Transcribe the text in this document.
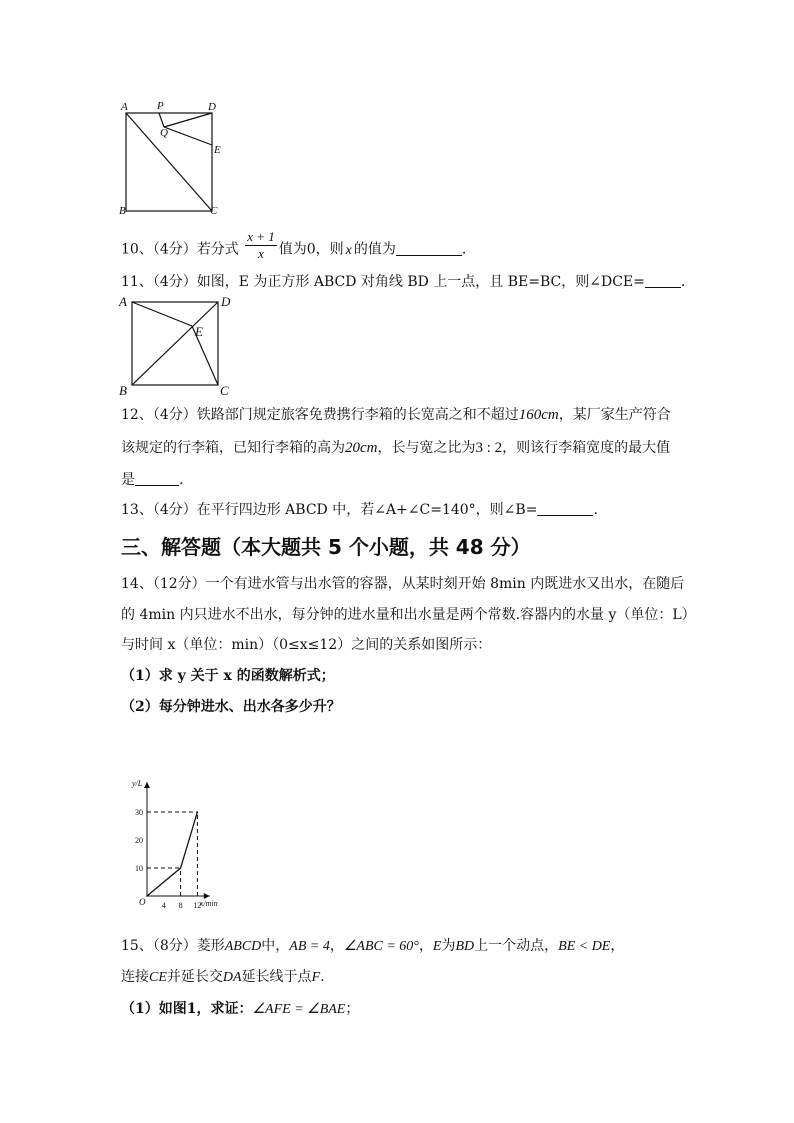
A	P	D
Q
E
B	C
10、（4分）若分式 $\frac{x + 1}{x}$ 值为0，则 x 的值为	.
11、（4分）如图，E 为正方形 ABCD 对角线 BD 上一点，且 BE=BC，则∠DCE=	.
A	D
E
B	C
12、（4分）铁路部门规定旅客免费携行李箱的长宽高之和不超过160cm，某厂家生产符合
该规定的行李箱，已知行李箱的高为20cm，长与宽之比为3 : 2，则该行李箱宽度的最大值
是	.
13、（4分）在平行四边形 ABCD 中，若∠A+∠C=140°，则∠B=	.
三、解答题（本大题共 5 个小题，共 48 分）
14、（12分）一个有进水管与出水管的容器，从某时刻开始 8min 内既进水又出水，在随后
的 4min 内只进水不出水，每分钟的进水量和出水量是两个常数.容器内的水量 y（单位：L）
与时间 x（单位：min）（0≤x≤12）之间的关系如图所示：
（1）求 y 关于 x 的函数解析式；
（2）每分钟进水、出水各多少升？
4 8 12
10
20
30
O
y/L
x/min
15、（8分）菱形ABCD中，AB = 4，∠ABC = 60°，E为BD上一个动点，BE < DE，
连接CE并延长交DA延长线于点F.
（1）如图1，求证：∠AFE = ∠BAE；
